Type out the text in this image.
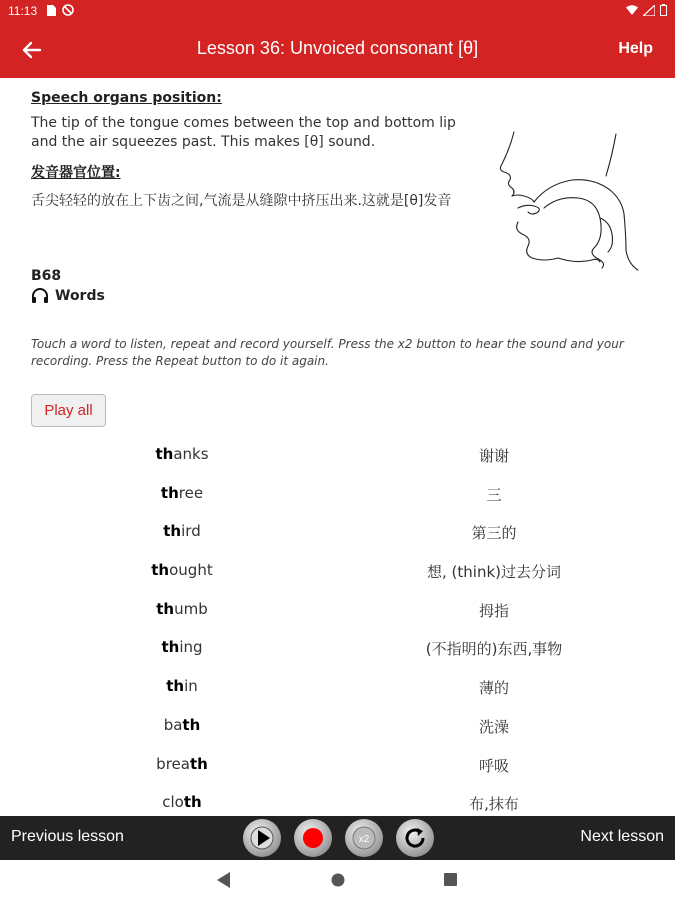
11:13
Lesson 36: Unvoiced consonant [θ]	Help
Speech organs position:
The tip of the tongue comes between the top and bottom lip and the air squeezes past. This makes [θ] sound.
发音器官位置:
舌尖轻轻的放在上下齿之间,气流是从缝隙中挤压出来.这就是[θ]发音
B68
Words
Touch a word to listen, repeat and record yourself. Press the x2 button to hear the sound and your recording. Press the Repeat button to do it again.
Play all
thanks	谢谢
three	三
third	第三的
thought	想, (think)过去分词
thumb	拇指
thing	(不指明的)东西,事物
thin	薄的
bath	洗澡
breath	呼吸
cloth	布,抹布
Previous lesson	x2	Next lesson
